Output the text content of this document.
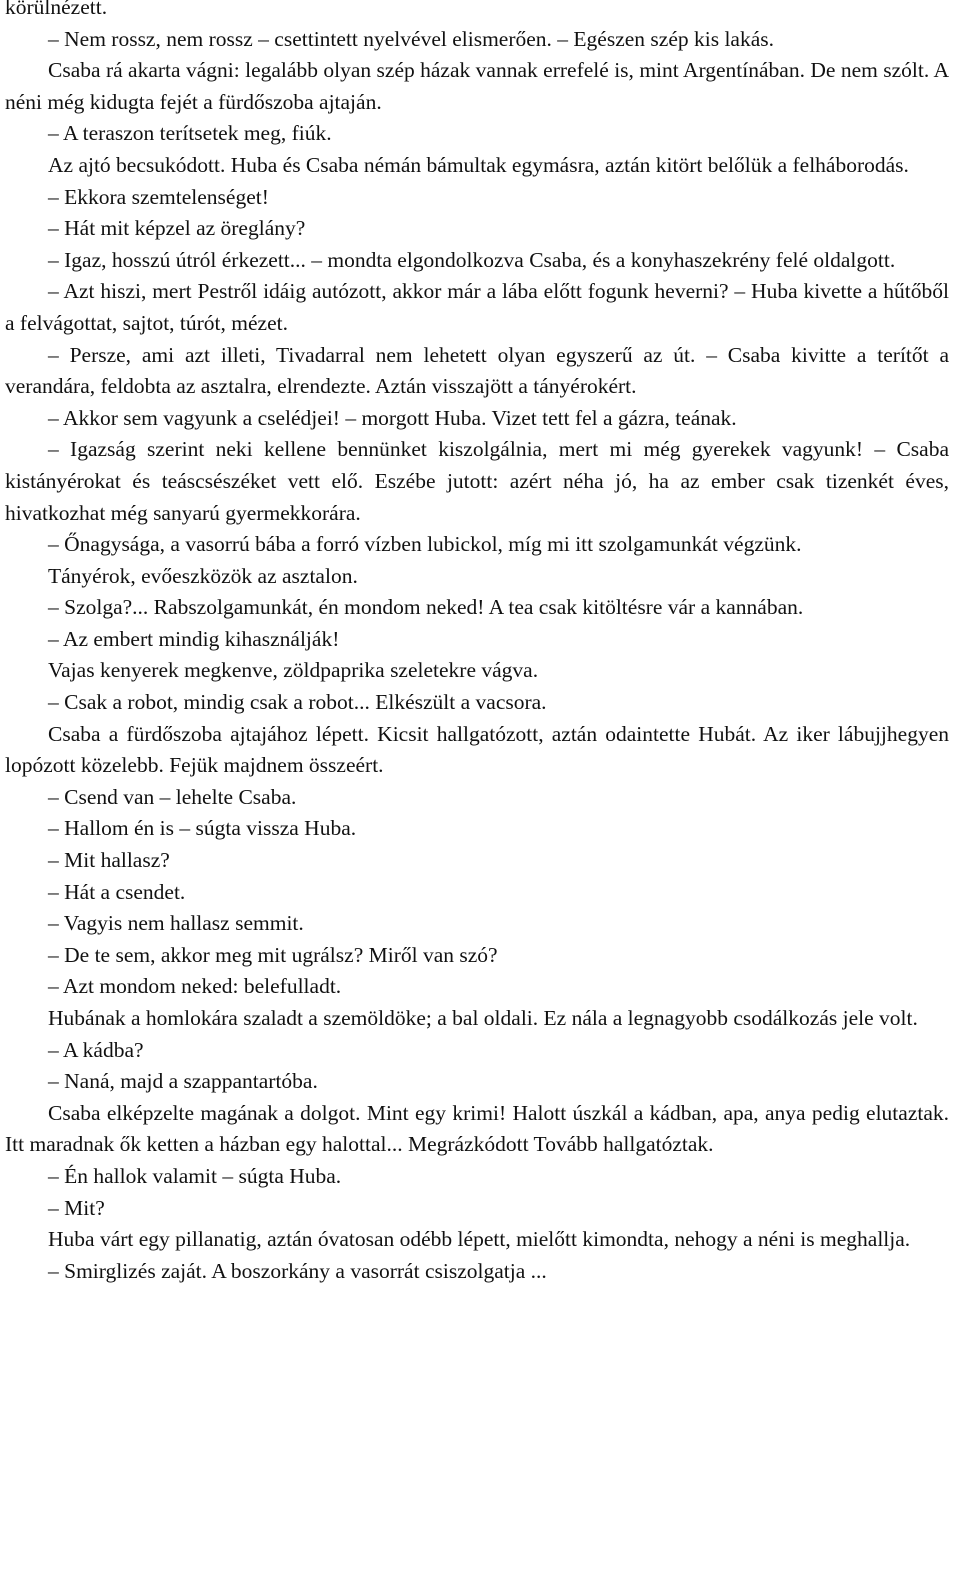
körülnézett.

– Nem rossz, nem rossz – csettintett nyelvével elismerően. – Egészen szép kis lakás.

Csaba rá akarta vágni: legalább olyan szép házak vannak errefelé is, mint Argentínában. De nem szólt. A néni még kidugta fejét a fürdőszoba ajtaján.

– A teraszon terítsetek meg, fiúk.

Az ajtó becsukódott. Huba és Csaba némán bámultak egymásra, aztán kitört belőlük a felháborodás.

– Ekkora szemtelenséget!

– Hát mit képzel az öreglány?

– Igaz, hosszú útról érkezett... – mondta elgondolkozva Csaba, és a konyhaszekrény felé oldalgott.

– Azt hiszi, mert Pestről idáig autózott, akkor már a lába előtt fogunk heverni? – Huba kivette a hűtőből a felvágottat, sajtot, túrót, mézet.

– Persze, ami azt illeti, Tivadarral nem lehetett olyan egyszerű az út. – Csaba kivitte a terítőt a verandára, feldobta az asztalra, elrendezte. Aztán visszajött a tányérokért.

– Akkor sem vagyunk a cselédjei! – morgott Huba. Vizet tett fel a gázra, teának.

– Igazság szerint neki kellene bennünket kiszolgálnia, mert mi még gyerekek vagyunk! – Csaba kistányérokat és teáscsészéket vett elő. Eszébe jutott: azért néha jó, ha az ember csak tizenkét éves, hivatkozhat még sanyarú gyermekkorára.

– Őnagysága, a vasorrú bába a forró vízben lubickol, míg mi itt szolgamunkát végzünk.

Tányérok, evőeszközök az asztalon.

– Szolga?... Rabszolgamunkát, én mondom neked! A tea csak kitöltésre vár a kannában.

– Az embert mindig kihasználják!

Vajas kenyerek megkenve, zöldpaprika szeletekre vágva.

– Csak a robot, mindig csak a robot... Elkészült a vacsora.

Csaba a fürdőszoba ajtajához lépett. Kicsit hallgatózott, aztán odaintette Hubát. Az iker lábujjhegyen lopózott közelebb. Fejük majdnem összeért.

– Csend van – lehelte Csaba.

– Hallom én is – súgta vissza Huba.

– Mit hallasz?

– Hát a csendet.

– Vagyis nem hallasz semmit.

– De te sem, akkor meg mit ugrálsz? Miről van szó?

– Azt mondom neked: belefulladt.

Hubának a homlokára szaladt a szemöldöke; a bal oldali. Ez nála a legnagyobb csodálkozás jele volt.

– A kádba?

– Naná, majd a szappantartóba.

Csaba elképzelte magának a dolgot. Mint egy krimi! Halott úszkál a kádban, apa, anya pedig elutaztak. Itt maradnak ők ketten a házban egy halottal... Megrázkódott Tovább hallgatóztak.

– Én hallok valamit – súgta Huba.

– Mit?

Huba várt egy pillanatig, aztán óvatosan odébb lépett, mielőtt kimondta, nehogy a néni is meghallja.

– Smirglizés zaját. A boszorkány a vasorrát csiszolgatja ...
